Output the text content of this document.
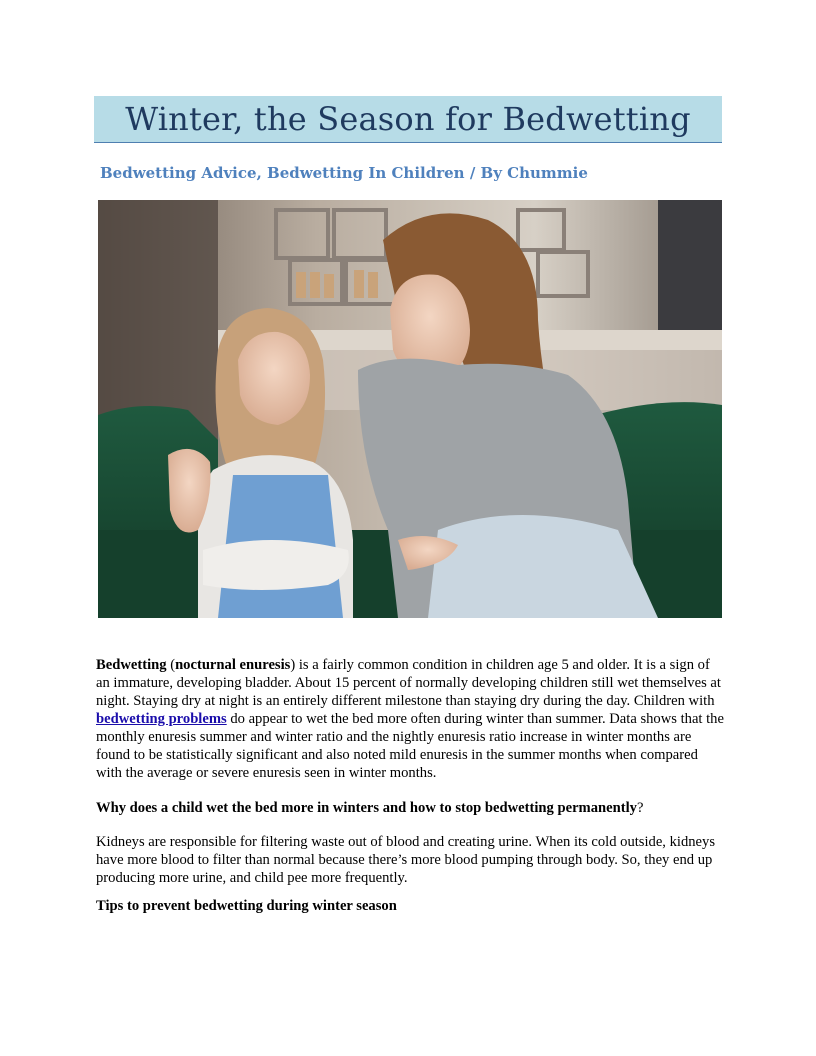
Winter, the Season for Bedwetting
Bedwetting Advice, Bedwetting In Children / By Chummie

Bedwetting (nocturnal enuresis) is a fairly common condition in children age 5 and older. It is a sign of an immature, developing bladder. About 15 percent of normally developing children still wet themselves at night. Staying dry at night is an entirely different milestone than staying dry during the day. Children with bedwetting problems do appear to wet the bed more often during winter than summer. Data shows that the monthly enuresis summer and winter ratio and the nightly enuresis ratio increase in winter months are found to be statistically significant and also noted mild enuresis in the summer months when compared with the average or severe enuresis seen in winter months.

Why does a child wet the bed more in winters and how to stop bedwetting permanently?

Kidneys are responsible for filtering waste out of blood and creating urine. When its cold outside, kidneys have more blood to filter than normal because there’s more blood pumping through body. So, they end up producing more urine, and child pee more frequently.

Tips to prevent bedwetting during winter season
